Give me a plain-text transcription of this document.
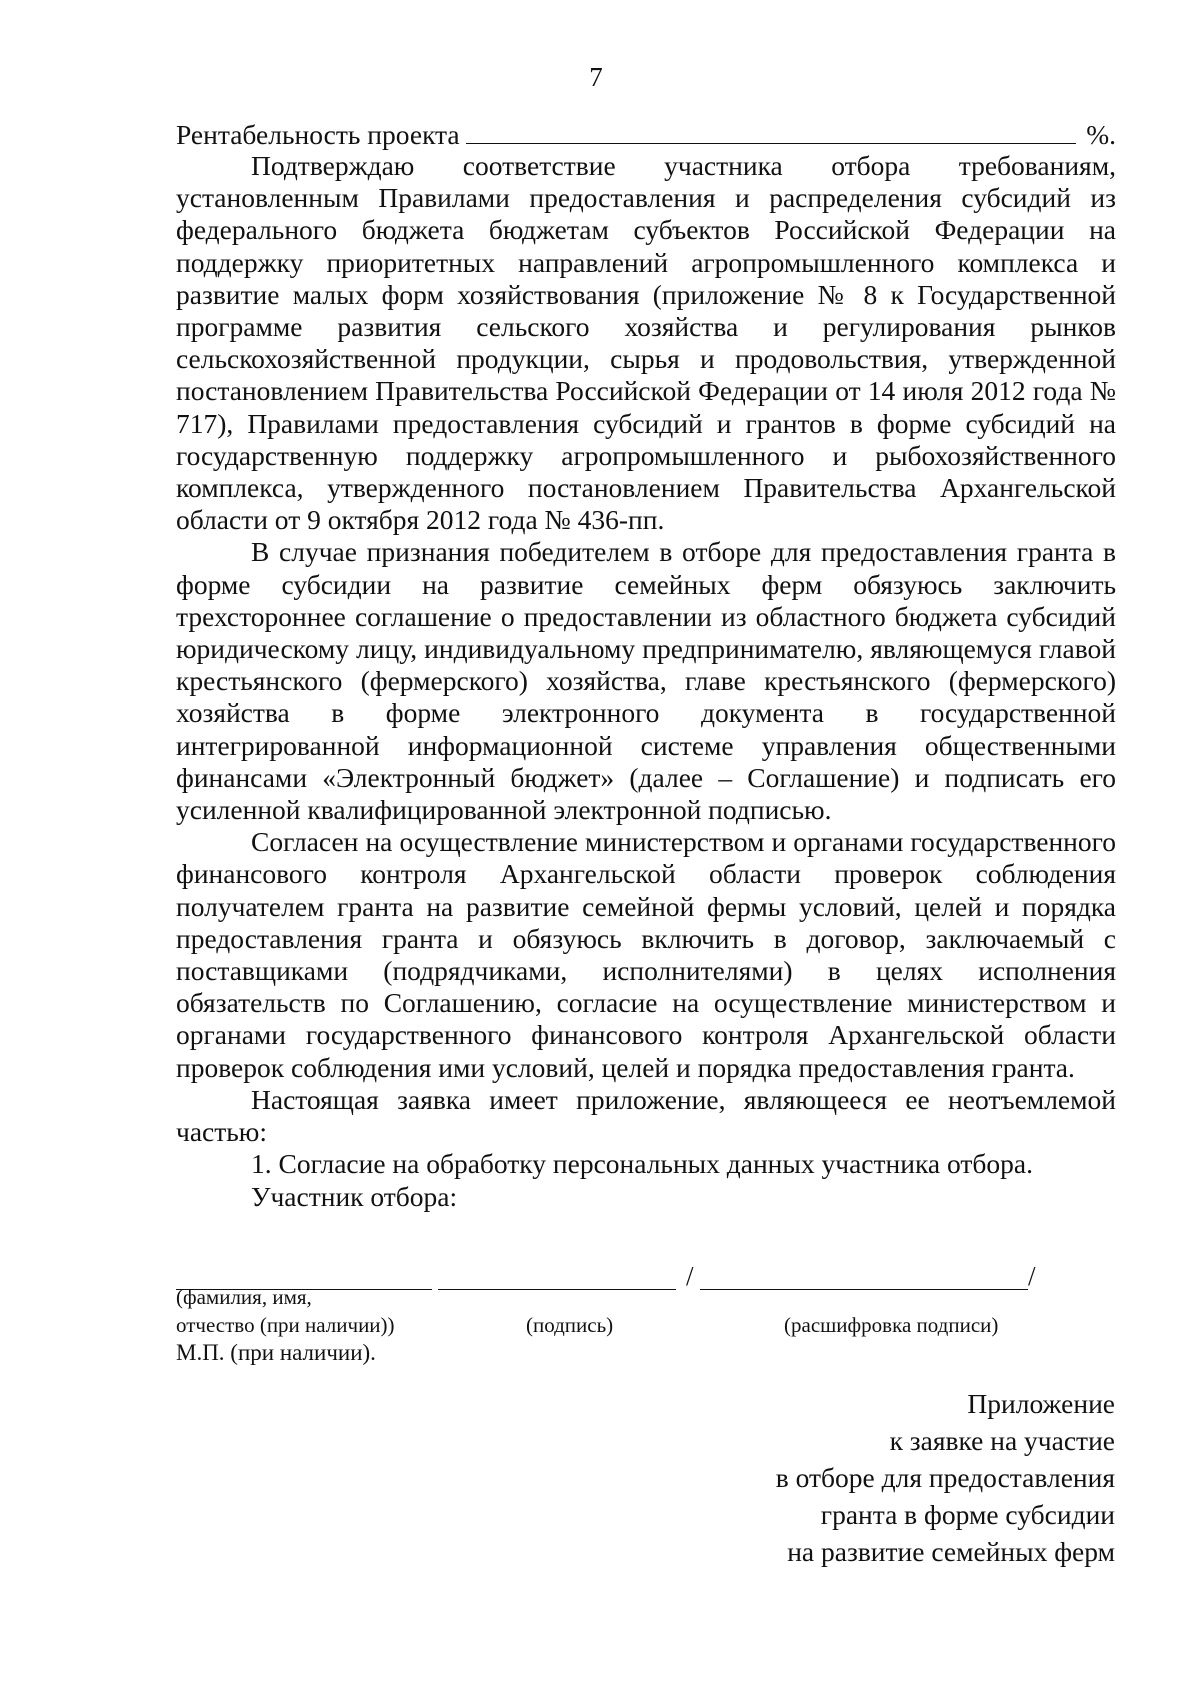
7
Рентабельность проекта	%.

Подтверждаю соответствие участника отбора требованиям, установленным Правилами предоставления и распределения субсидий из федерального бюджета бюджетам субъектов Российской Федерации на поддержку приоритетных направлений агропромышленного комплекса и развитие малых форм хозяйствования (приложение № 8 к Государственной программе развития сельского хозяйства и регулирования рынков сельскохозяйственной продукции, сырья и продовольствия, утвержденной постановлением Правительства Российской Федерации от 14 июля 2012 года № 717), Правилами предоставления субсидий и грантов в форме субсидий на государственную поддержку агропромышленного и рыбохозяйственного комплекса, утвержденного постановлением Правительства Архангельской области от 9 октября 2012 года № 436-пп.

В случае признания победителем в отборе для предоставления гранта в форме субсидии на развитие семейных ферм обязуюсь заключить трехстороннее соглашение о предоставлении из областного бюджета субсидий юридическому лицу, индивидуальному предпринимателю, являющемуся главой крестьянского (фермерского) хозяйства, главе крестьянского (фермерского) хозяйства в форме электронного документа в государственной интегрированной информационной системе управления общественными финансами «Электронный бюджет» (далее – Соглашение) и подписать его усиленной квалифицированной электронной подписью.

Согласен на осуществление министерством и органами государственного финансового контроля Архангельской области проверок соблюдения получателем гранта на развитие семейной фермы условий, целей и порядка предоставления гранта и обязуюсь включить в договор, заключаемый с поставщиками (подрядчиками, исполнителями) в целях исполнения обязательств по Соглашению, согласие на осуществление министерством и органами государственного финансового контроля Архангельской области проверок соблюдения ими условий, целей и порядка предоставления гранта.

Настоящая заявка имеет приложение, являющееся ее неотъемлемой частью:

1. Согласие на обработку персональных данных участника отбора.

Участник отбора:

/	/
(фамилия, имя,
отчество (при наличии))	(подпись)	(расшифровка подписи)
М.П. (при наличии).
Приложение
к заявке на участие
в отборе для предоставления
гранта в форме субсидии
на развитие семейных ферм
